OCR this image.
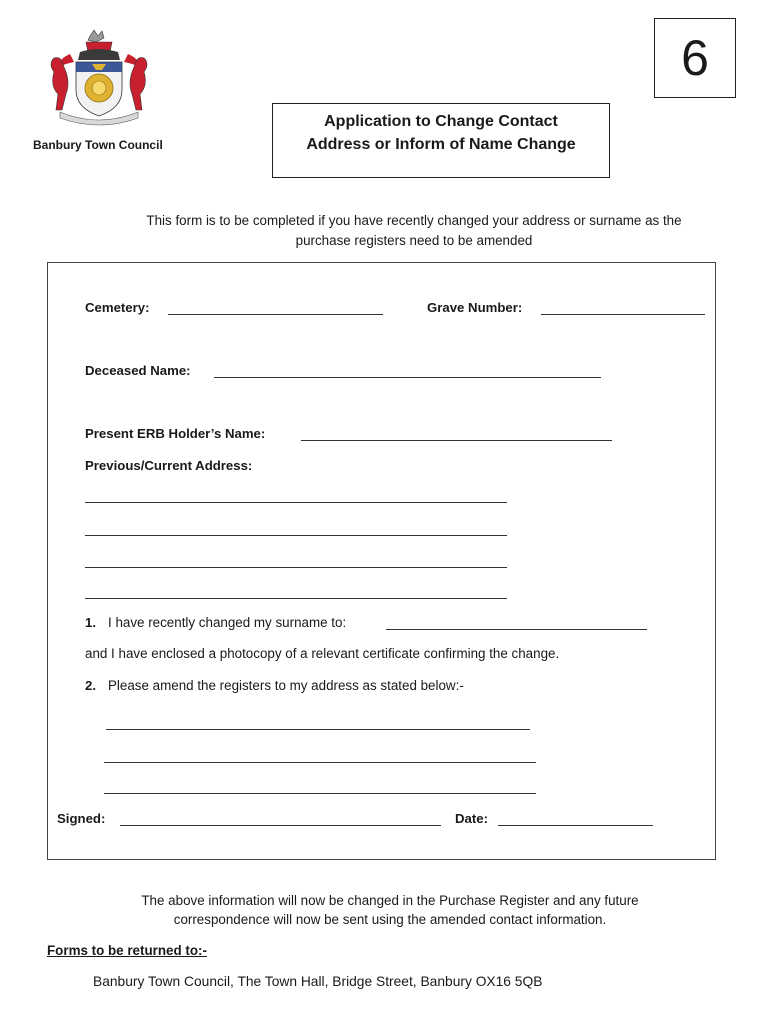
Banbury Town Council
6
Application to Change Contact
Address or Inform of Name Change
This form is to be completed if you have recently changed your address or surname as the
purchase registers need to be amended
Cemetery:	Grave Number:
Deceased Name:
Present ERB Holder’s Name:
Previous/Current Address:
1. I have recently changed my surname to:
and I have enclosed a photocopy of a relevant certificate confirming the change.
2. Please amend the registers to my address as stated below:-
Signed:	Date:
The above information will now be changed in the Purchase Register and any future
correspondence will now be sent using the amended contact information.
Forms to be returned to:-
Banbury Town Council, The Town Hall, Bridge Street, Banbury OX16 5QB
